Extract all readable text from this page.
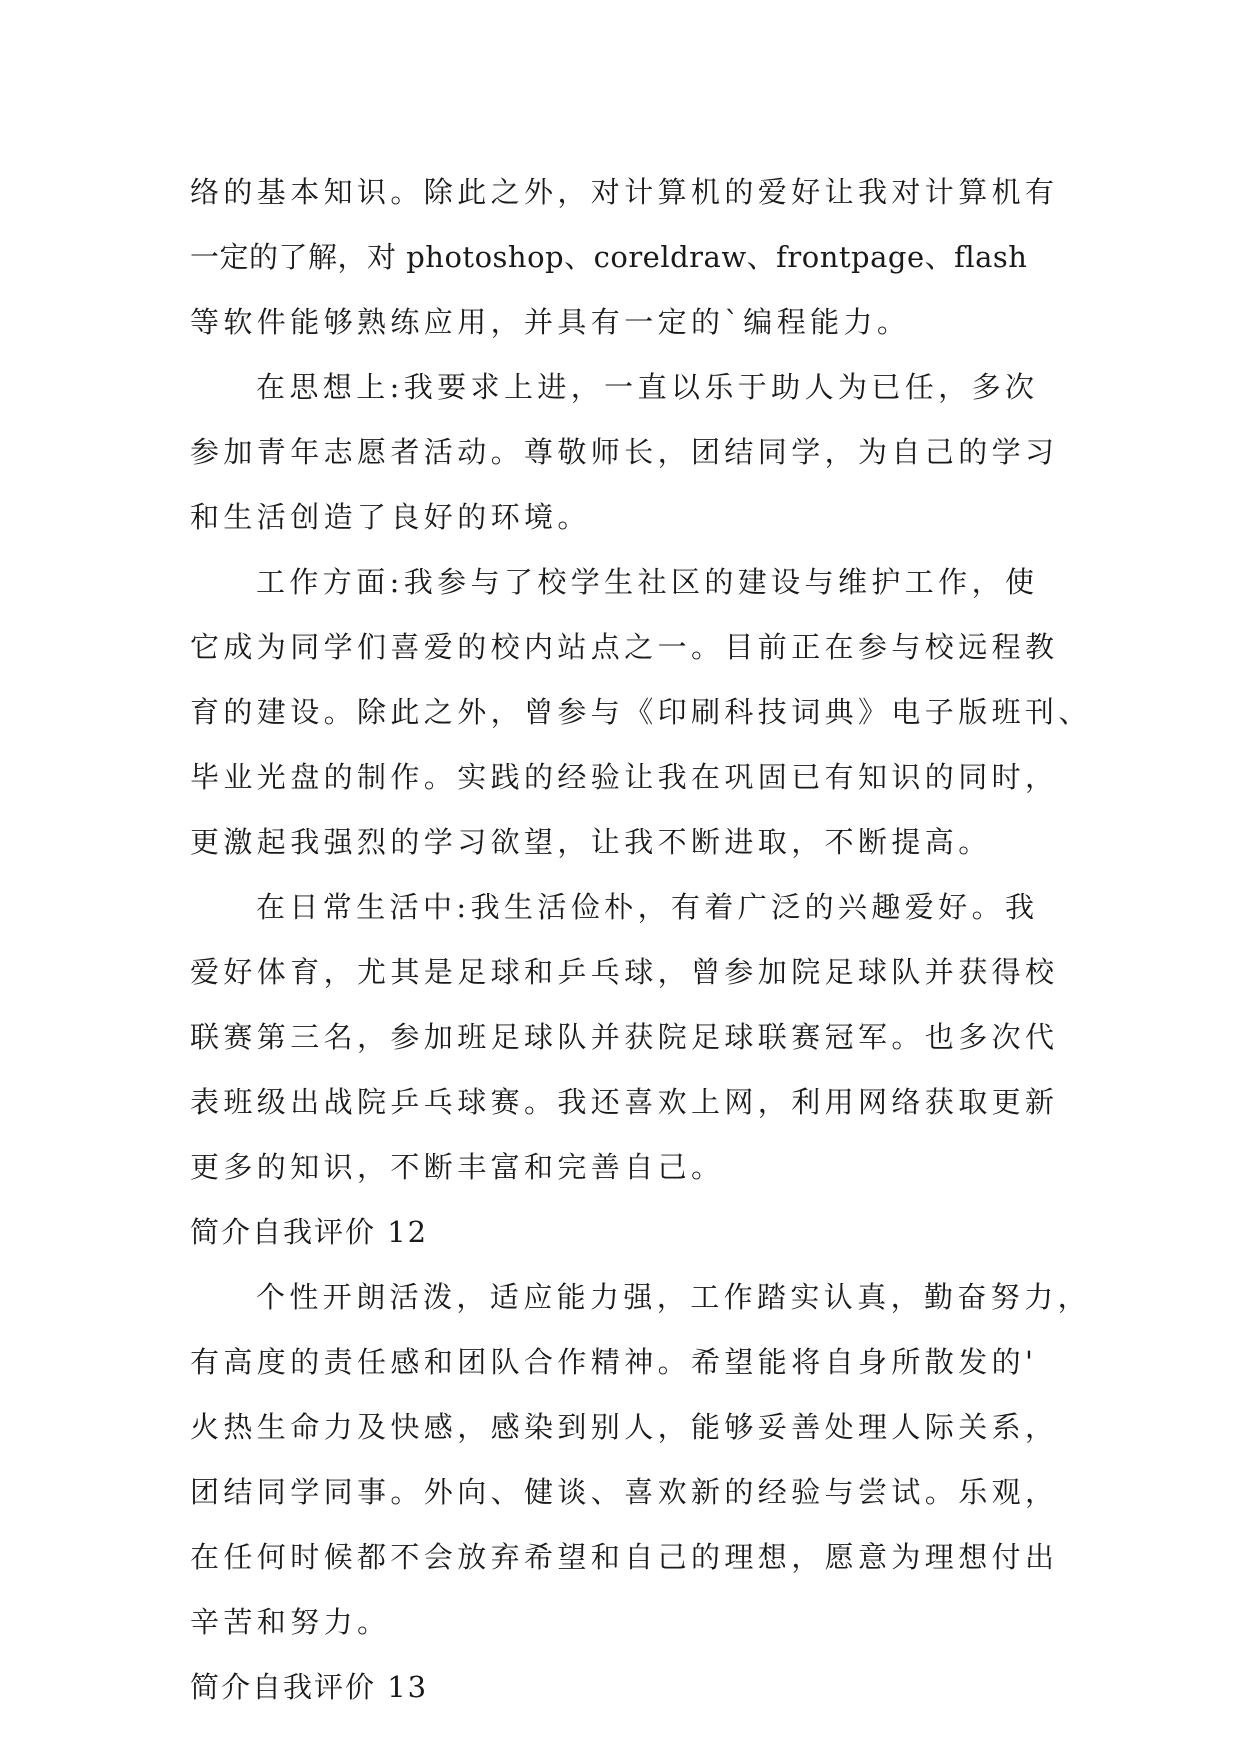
络的基本知识。除此之外，对计算机的爱好让我对计算机有
一定的了解，对 photoshop、coreldraw、frontpage、flash
等软件能够熟练应用，并具有一定的`编程能力。
在思想上:我要求上进，一直以乐于助人为已任，多次
参加青年志愿者活动。尊敬师长，团结同学，为自己的学习
和生活创造了良好的环境。
工作方面:我参与了校学生社区的建设与维护工作，使
它成为同学们喜爱的校内站点之一。目前正在参与校远程教
育的建设。除此之外，曾参与《印刷科技词典》电子版班刊、
毕业光盘的制作。实践的经验让我在巩固已有知识的同时，
更激起我强烈的学习欲望，让我不断进取，不断提高。
在日常生活中:我生活俭朴，有着广泛的兴趣爱好。我
爱好体育，尤其是足球和乒乓球，曾参加院足球队并获得校
联赛第三名，参加班足球队并获院足球联赛冠军。也多次代
表班级出战院乒乓球赛。我还喜欢上网，利用网络获取更新
更多的知识，不断丰富和完善自己。
简介自我评价 12
个性开朗活泼，适应能力强，工作踏实认真，勤奋努力，
有高度的责任感和团队合作精神。希望能将自身所散发的'
火热生命力及快感，感染到别人，能够妥善处理人际关系，
团结同学同事。外向、健谈、喜欢新的经验与尝试。乐观，
在任何时候都不会放弃希望和自己的理想，愿意为理想付出
辛苦和努力。
简介自我评价 13
